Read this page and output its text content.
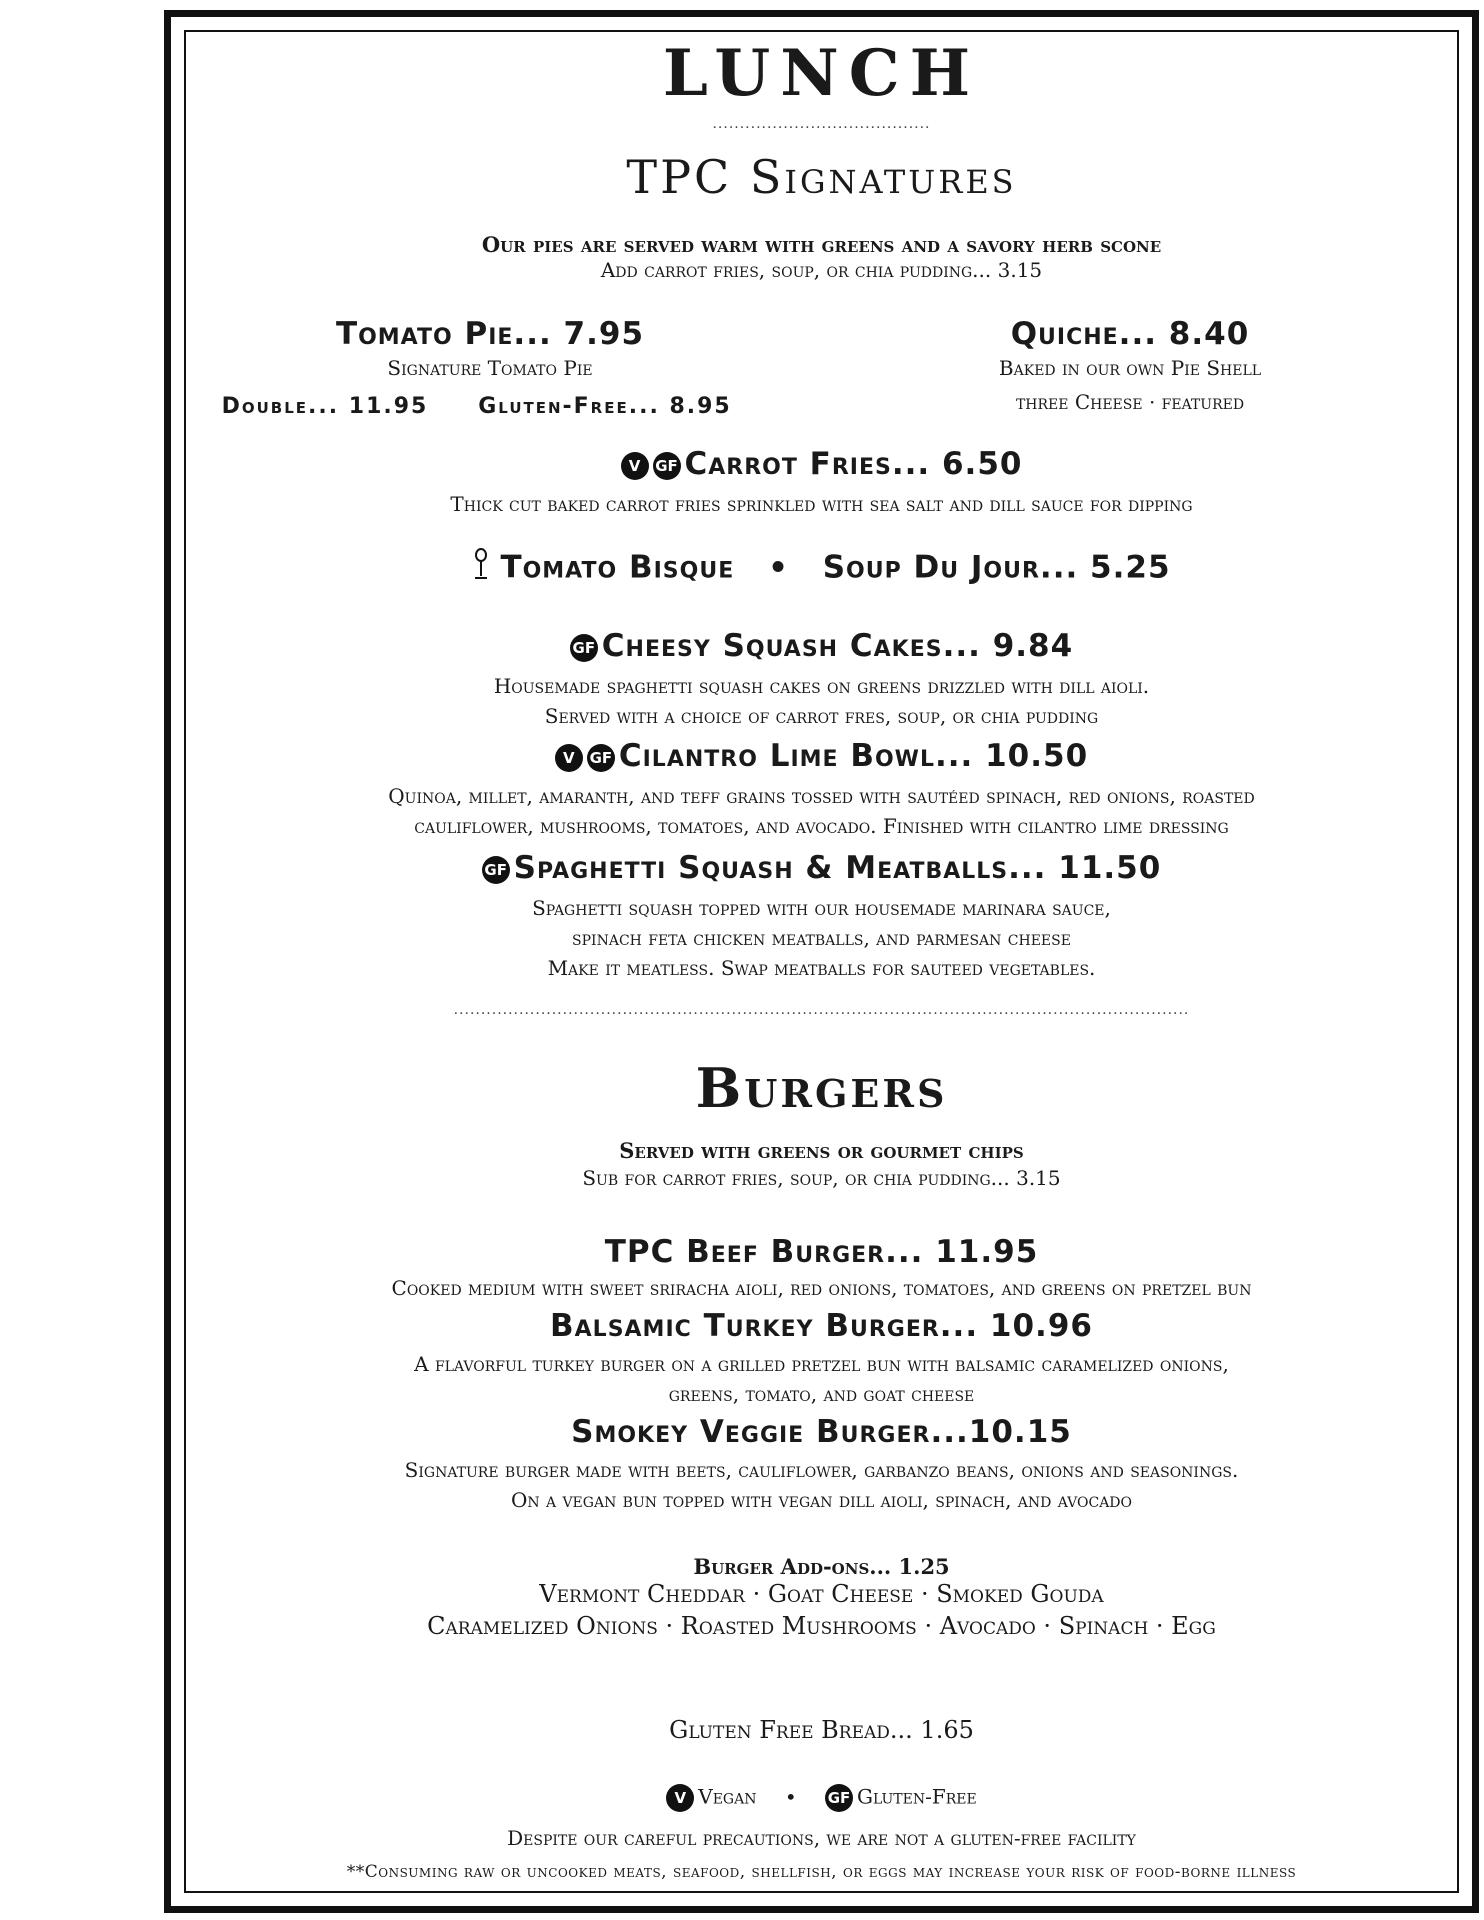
LUNCH
........................................
TPC Signatures
Our pies are served warm with greens and a savory herb scone
Add carrot fries, soup, or chia pudding... 3.15
Tomato Pie... 7.95
Signature Tomato Pie
Double... 11.95	Gluten-Free... 8.95
Quiche... 8.40
Baked in our own Pie Shell
three Cheese · featured
V GF Carrot Fries... 6.50
Thick cut baked carrot fries sprinkled with sea salt and dill sauce for dipping
Tomato Bisque • Soup Du Jour... 5.25
GF Cheesy Squash Cakes... 9.84
Housemade spaghetti squash cakes on greens drizzled with dill aioli.
Served with a choice of carrot fres, soup, or chia pudding
V GF Cilantro Lime Bowl... 10.50
Quinoa, millet, amaranth, and teff grains tossed with sautéed spinach, red onions, roasted
cauliflower, mushrooms, tomatoes, and avocado. Finished with cilantro lime dressing
GF Spaghetti Squash & Meatballs... 11.50
Spaghetti squash topped with our housemade marinara sauce,
spinach feta chicken meatballs, and parmesan cheese
Make it meatless. Swap meatballs for sauteed vegetables.
.......................................................................................................................................
Burgers
Served with greens or gourmet chips
Sub for carrot fries, soup, or chia pudding... 3.15
TPC Beef Burger... 11.95
Cooked medium with sweet sriracha aioli, red onions, tomatoes, and greens on pretzel bun
Balsamic Turkey Burger... 10.96
A flavorful turkey burger on a grilled pretzel bun with balsamic caramelized onions,
greens, tomato, and goat cheese
Smokey Veggie Burger...10.15
Signature burger made with beets, cauliflower, garbanzo beans, onions and seasonings.
On a vegan bun topped with vegan dill aioli, spinach, and avocado
Burger Add-ons... 1.25
Vermont Cheddar · Goat Cheese · Smoked Gouda
Caramelized Onions · Roasted Mushrooms · Avocado · Spinach · Egg
Gluten Free Bread... 1.65
V Vegan • GF Gluten-Free
Despite our careful precautions, we are not a gluten-free facility
**Consuming raw or uncooked meats, seafood, shellfish, or eggs may increase your risk of food-borne illness
